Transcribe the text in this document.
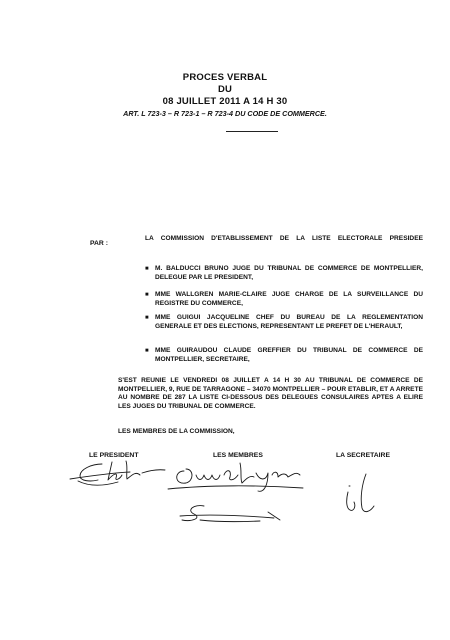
PROCES VERBAL
DU
08 JUILLET 2011 A 14 H 30
ART. L 723-3 – R 723-1 – R 723-4 DU CODE DE COMMERCE.
PAR :
LA COMMISSION D'ETABLISSEMENT DE LA LISTE ELECTORALE PRESIDEE
■ M. BALDUCCI BRUNO JUGE DU TRIBUNAL DE COMMERCE DE MONTPELLIER, DELEGUE PAR LE PRESIDENT,
■ MME WALLGREN MARIE-CLAIRE JUGE CHARGE DE LA SURVEILLANCE DU REGISTRE DU COMMERCE,
■ MME GUIGUI JACQUELINE CHEF DU BUREAU DE LA REGLEMENTATION GENERALE ET DES ELECTIONS, REPRESENTANT LE PREFET DE L'HERAULT,
■ MME GUIRAUDOU CLAUDE GREFFIER DU TRIBUNAL DE COMMERCE DE MONTPELLIER, SECRETAIRE,
S'EST REUNIE LE VENDREDI 08 JUILLET A 14 H 30 AU TRIBUNAL DE COMMERCE DE MONTPELLIER, 9, RUE DE TARRAGONE – 34070 MONTPELLIER – POUR ETABLIR, ET A ARRETE AU NOMBRE DE 287 LA LISTE CI-DESSOUS DES DELEGUES CONSULAIRES APTES A ELIRE LES JUGES DU TRIBUNAL DE COMMERCE.
LES MEMBRES DE LA COMMISSION,
LE PRESIDENT	LES MEMBRES	LA SECRETAIRE
